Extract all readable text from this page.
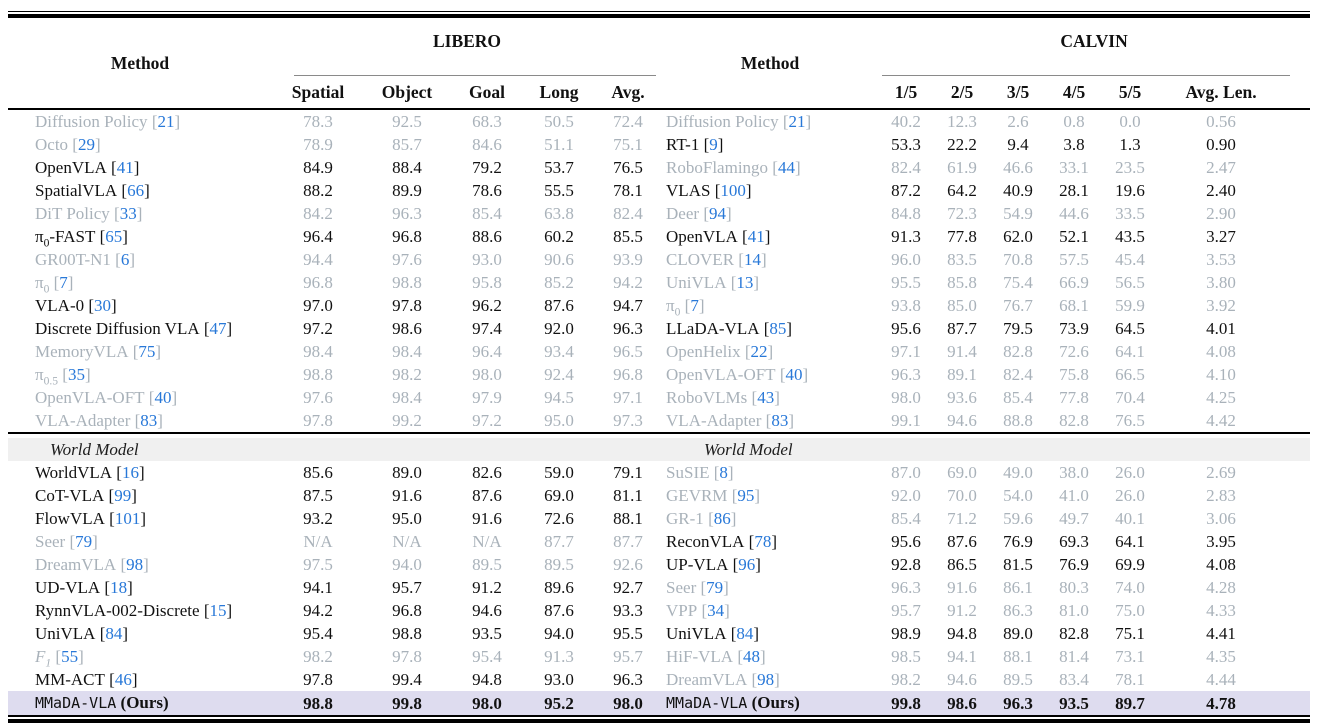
Method	LIBERO					Method	CALVIN					

	Spatial	Object	Goal	Long	Avg.		1/5	2/5	3/5	4/5	5/5	Avg. Len.
Diffusion Policy [21]	78.3	92.5	68.3	50.5	72.4	Diffusion Policy [21]	40.2	12.3	2.6	0.8	0.0	0.56
Octo [29]	78.9	85.7	84.6	51.1	75.1	RT-1 [9]	53.3	22.2	9.4	3.8	1.3	0.90
OpenVLA [41]	84.9	88.4	79.2	53.7	76.5	RoboFlamingo [44]	82.4	61.9	46.6	33.1	23.5	2.47
SpatialVLA [66]	88.2	89.9	78.6	55.5	78.1	VLAS [100]	87.2	64.2	40.9	28.1	19.6	2.40
DiT Policy [33]	84.2	96.3	85.4	63.8	82.4	Deer [94]	84.8	72.3	54.9	44.6	33.5	2.90
$\pi_0$-FAST [65]	96.4	96.8	88.6	60.2	85.5	OpenVLA [41]	91.3	77.8	62.0	52.1	43.5	3.27
GR00T-N1 [6]	94.4	97.6	93.0	90.6	93.9	CLOVER [14]	96.0	83.5	70.8	57.5	45.4	3.53
$\pi_0$ [7]	96.8	98.8	95.8	85.2	94.2	UniVLA [13]	95.5	85.8	75.4	66.9	56.5	3.80
VLA-0 [30]	97.0	97.8	96.2	87.6	94.7	$\pi_0$ [7]	93.8	85.0	76.7	68.1	59.9	3.92
Discrete Diffusion VLA [47]	97.2	98.6	97.4	92.0	96.3	LLaDA-VLA [85]	95.6	87.7	79.5	73.9	64.5	4.01
MemoryVLA [75]	98.4	98.4	96.4	93.4	96.5	OpenHelix [22]	97.1	91.4	82.8	72.6	64.1	4.08
$\pi_{0.5}$ [35]	98.8	98.2	98.0	92.4	96.8	OpenVLA-OFT [40]	96.3	89.1	82.4	75.8	66.5	4.10
OpenVLA-OFT [40]	97.6	98.4	97.9	94.5	97.1	RoboVLMs [43]	98.0	93.6	85.4	77.8	70.4	4.25
VLA-Adapter [83]	97.8	99.2	97.2	95.0	97.3	VLA-Adapter [83]	99.1	94.6	88.8	82.8	76.5	4.42

World Model						World Model						
WorldVLA [16]	85.6	89.0	82.6	59.0	79.1	SuSIE [8]	87.0	69.0	49.0	38.0	26.0	2.69
CoT-VLA [99]	87.5	91.6	87.6	69.0	81.1	GEVRM [95]	92.0	70.0	54.0	41.0	26.0	2.83
FlowVLA [101]	93.2	95.0	91.6	72.6	88.1	GR-1 [86]	85.4	71.2	59.6	49.7	40.1	3.06
Seer [79]	N/A	N/A	N/A	87.7	87.7	ReconVLA [78]	95.6	87.6	76.9	69.3	64.1	3.95
DreamVLA [98]	97.5	94.0	89.5	89.5	92.6	UP-VLA [96]	92.8	86.5	81.5	76.9	69.9	4.08
UD-VLA [18]	94.1	95.7	91.2	89.6	92.7	Seer [79]	96.3	91.6	86.1	80.3	74.0	4.28
RynnVLA-002-Discrete [15]	94.2	96.8	94.6	87.6	93.3	VPP [34]	95.7	91.2	86.3	81.0	75.0	4.33
UniVLA [84]	95.4	98.8	93.5	94.0	95.5	UniVLA [84]	98.9	94.8	89.0	82.8	75.1	4.41
$F_1$ [55]	98.2	97.8	95.4	91.3	95.7	HiF-VLA [48]	98.5	94.1	88.1	81.4	73.1	4.35
MM-ACT [46]	97.8	99.4	94.8	93.0	96.3	DreamVLA [98]	98.2	94.6	89.5	83.4	78.1	4.44
MMaDA-VLA (Ours)	98.8	99.8	98.0	95.2	98.0	MMaDA-VLA (Ours)	99.8	98.6	96.3	93.5	89.7	4.78
